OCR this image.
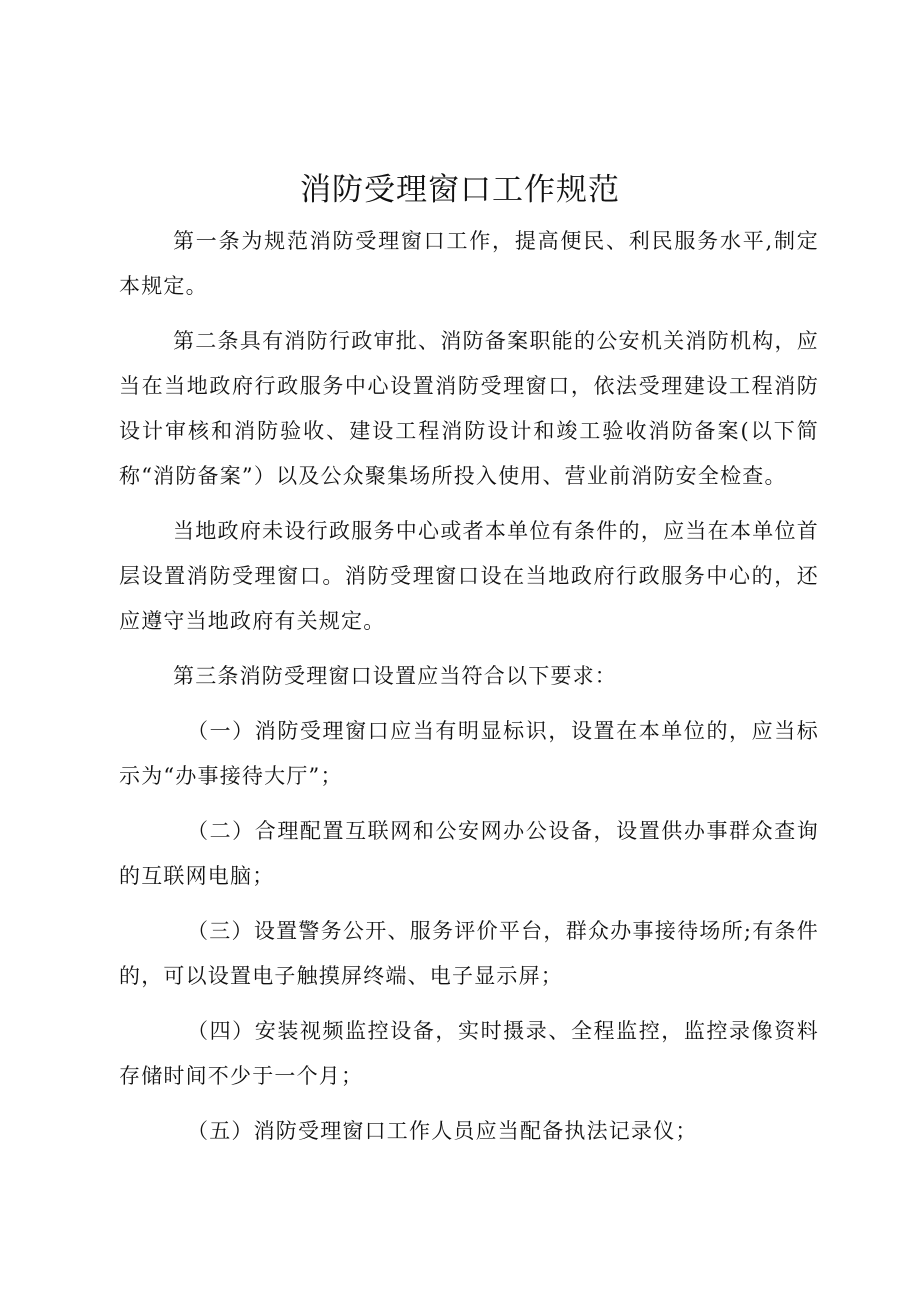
消防受理窗口工作规范

第一条为规范消防受理窗口工作，提高便民、利民服务水平,制定本规定。

第二条具有消防行政审批、消防备案职能的公安机关消防机构，应当在当地政府行政服务中心设置消防受理窗口，依法受理建设工程消防设计审核和消防验收、建设工程消防设计和竣工验收消防备案(以下简称“消防备案”）以及公众聚集场所投入使用、营业前消防安全检查。

当地政府未设行政服务中心或者本单位有条件的，应当在本单位首层设置消防受理窗口。消防受理窗口设在当地政府行政服务中心的，还应遵守当地政府有关规定。

第三条消防受理窗口设置应当符合以下要求：

（一）消防受理窗口应当有明显标识，设置在本单位的，应当标示为“办事接待大厅”；

（二）合理配置互联网和公安网办公设备，设置供办事群众查询的互联网电脑；

（三）设置警务公开、服务评价平台，群众办事接待场所;有条件的，可以设置电子触摸屏终端、电子显示屏；

（四）安装视频监控设备，实时摄录、全程监控，监控录像资料存储时间不少于一个月；

（五）消防受理窗口工作人员应当配备执法记录仪；
